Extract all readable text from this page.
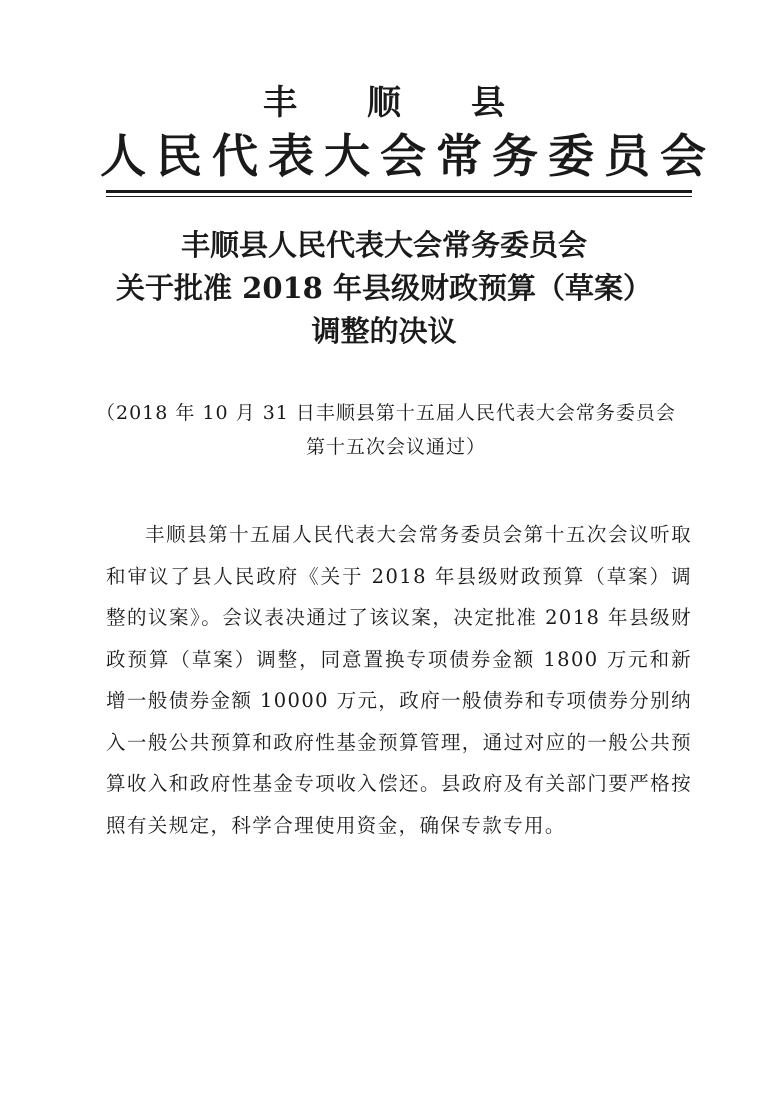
丰顺县
人民代表大会常务委员会
丰顺县人民代表大会常务委员会
关于批准 2018 年县级财政预算（草案）
调整的决议
（2018 年 10 月 31 日丰顺县第十五届人民代表大会常务委员会
第十五次会议通过）
丰顺县第十五届人民代表大会常务委员会第十五次会议听取和审议了县人民政府《关于 2018 年县级财政预算（草案）调整的议案》。会议表决通过了该议案，决定批准 2018 年县级财政预算（草案）调整，同意置换专项债券金额 1800 万元和新增一般债券金额 10000 万元，政府一般债券和专项债券分别纳入一般公共预算和政府性基金预算管理，通过对应的一般公共预算收入和政府性基金专项收入偿还。县政府及有关部门要严格按照有关规定，科学合理使用资金，确保专款专用。
